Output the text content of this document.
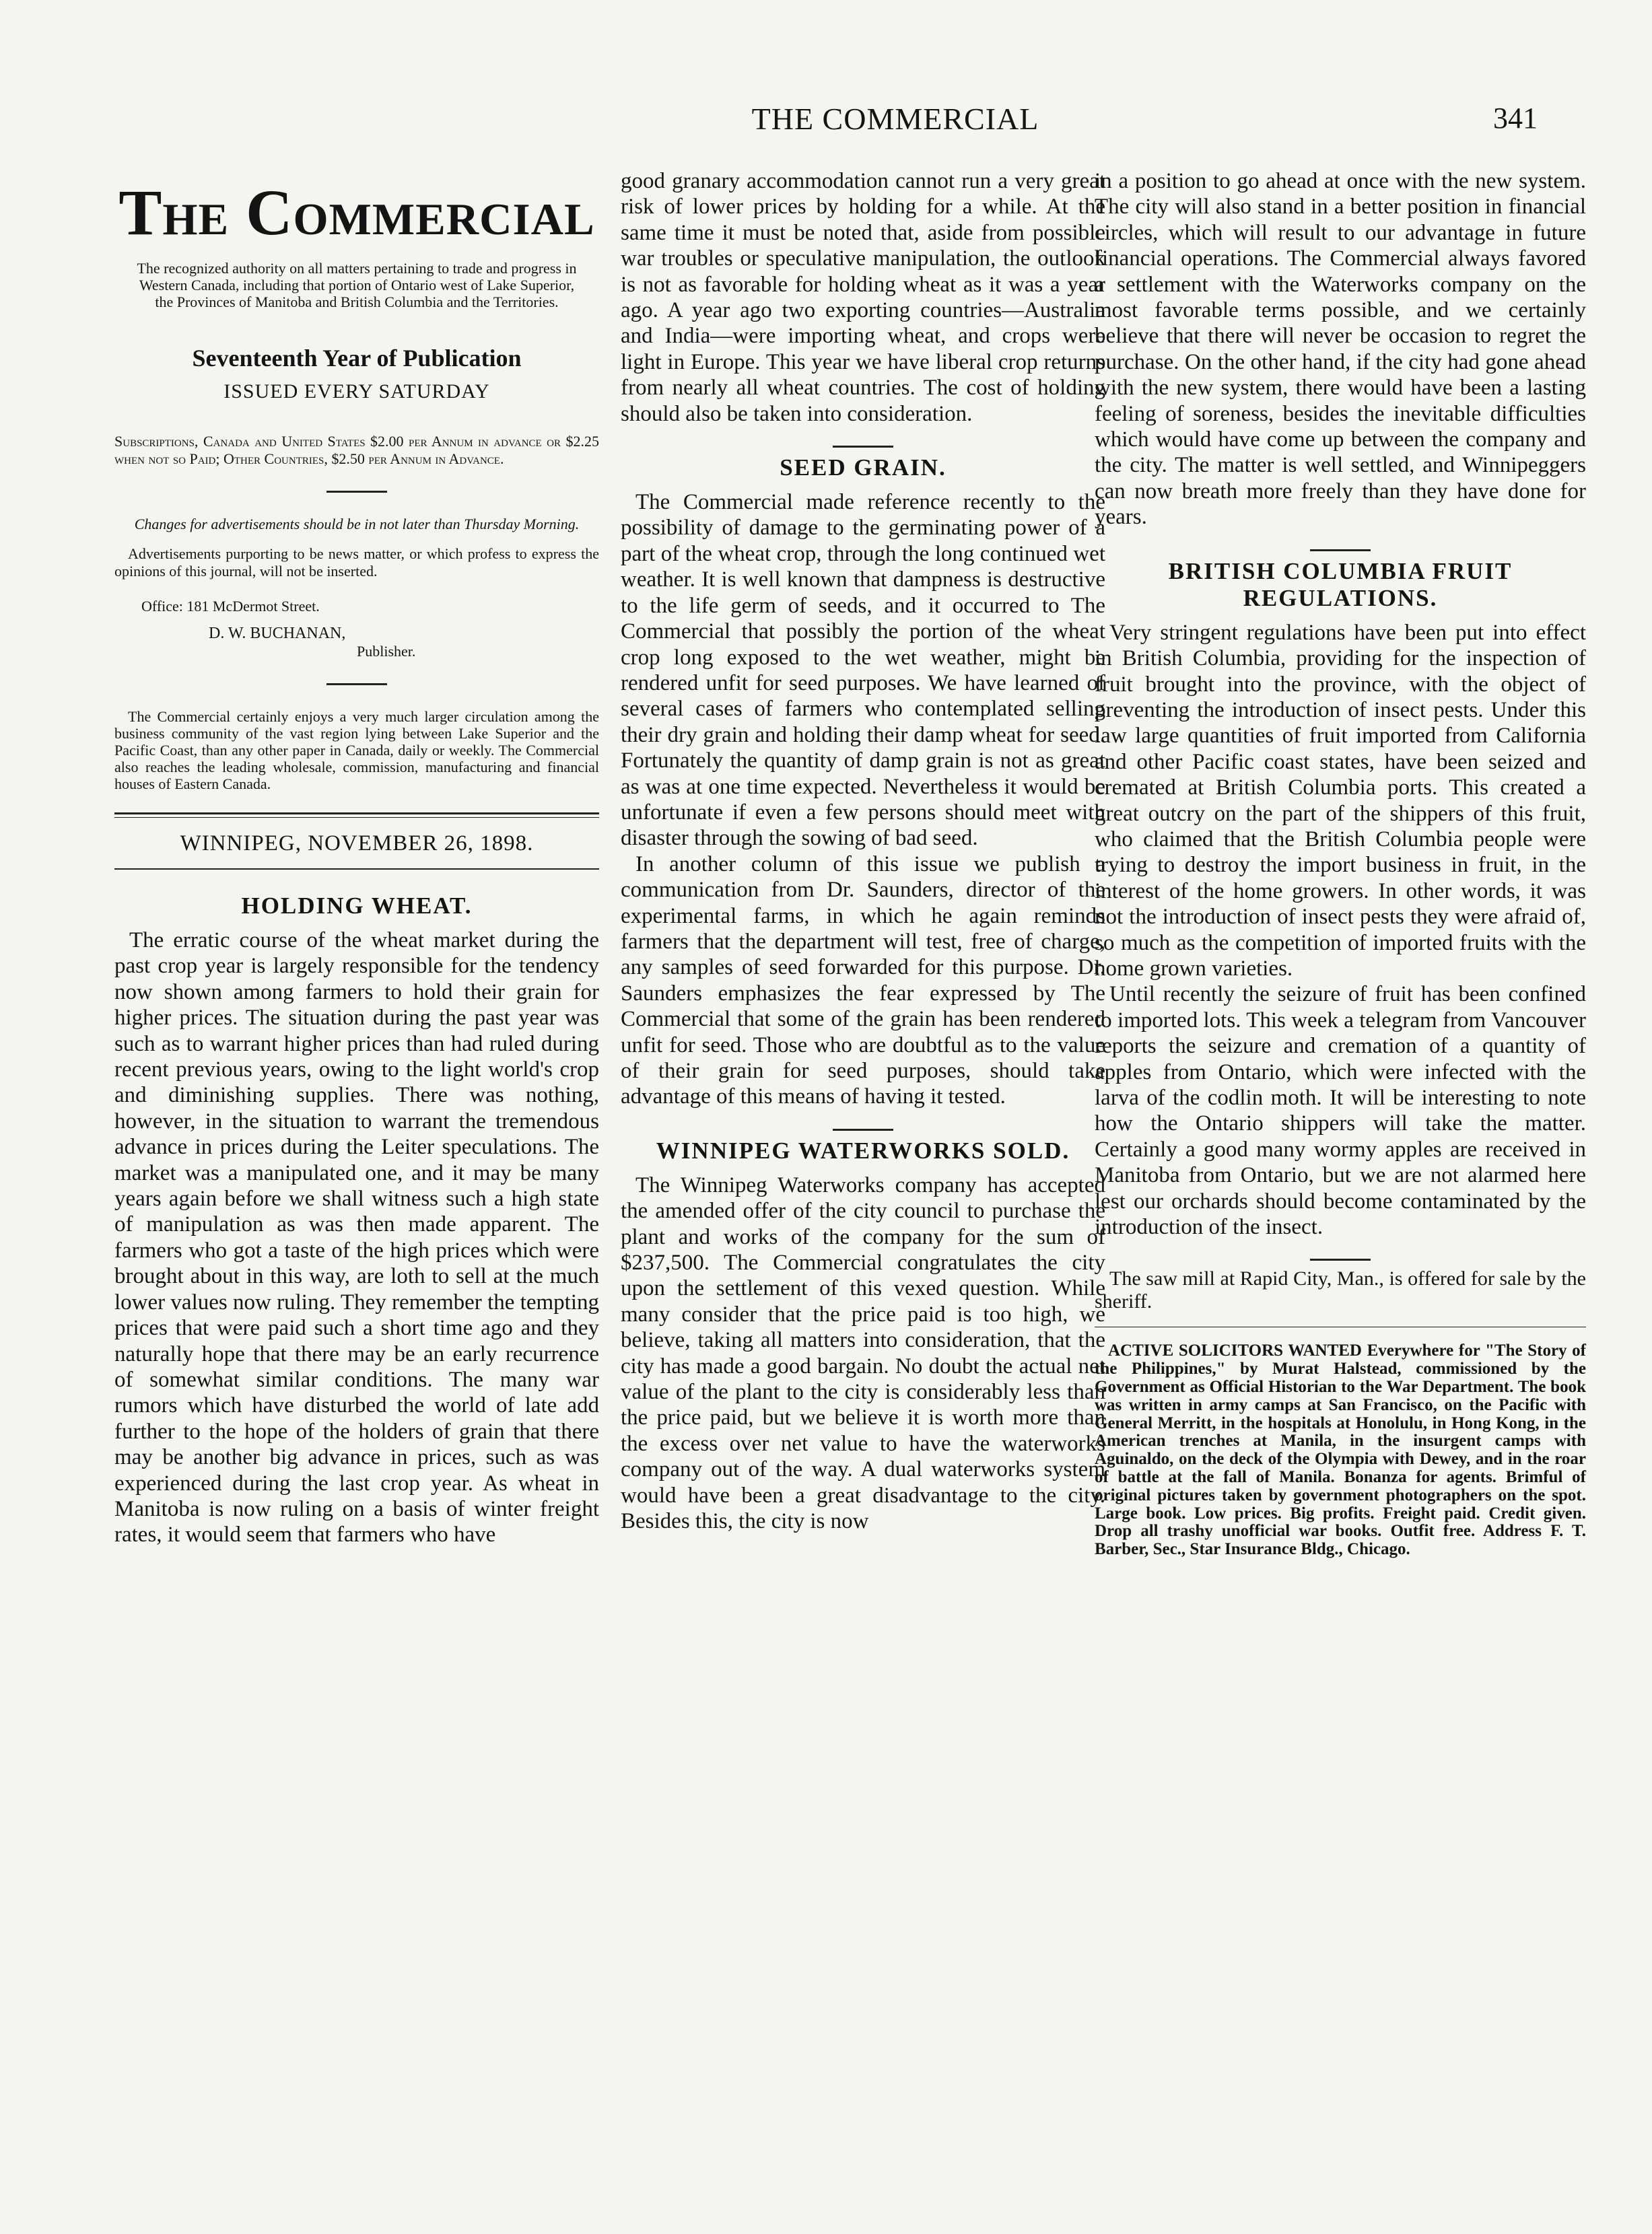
THE COMMERCIAL	341
The Commercial
The recognized authority on all matters pertaining to trade and progress in Western Canada, including that portion of Ontario west of Lake Superior, the Provinces of Manitoba and British Columbia and the Territories.
Seventeenth Year of Publication
ISSUED EVERY SATURDAY
Subscriptions, Canada and United States $2.00 per Annum in advance or $2.25 when not so Paid; Other Countries, $2.50 per Annum in Advance.
Changes for advertisements should be in not later than Thursday Morning.
Advertisements purporting to be news matter, or which profess to express the opinions of this journal, will not be inserted.
Office: 181 McDermot Street.
D. W. BUCHANAN,
Publisher.
The Commercial certainly enjoys a very much larger circulation among the business community of the vast region lying between Lake Superior and the Pacific Coast, than any other paper in Canada, daily or weekly. The Commercial also reaches the leading wholesale, commission, manufacturing and financial houses of Eastern Canada.
WINNIPEG, NOVEMBER 26, 1898.
HOLDING WHEAT.

The erratic course of the wheat market during the past crop year is largely responsible for the tendency now shown among farmers to hold their grain for higher prices. The situation during the past year was such as to warrant higher prices than had ruled during recent previous years, owing to the light world's crop and diminishing supplies. There was nothing, however, in the situation to warrant the tremendous advance in prices during the Leiter speculations. The market was a manipulated one, and it may be many years again before we shall witness such a high state of manipulation as was then made apparent. The farmers who got a taste of the high prices which were brought about in this way, are loth to sell at the much lower values now ruling. They remember the tempting prices that were paid such a short time ago and they naturally hope that there may be an early recurrence of somewhat similar conditions. The many war rumors which have disturbed the world of late add further to the hope of the holders of grain that there may be another big advance in prices, such as was experienced during the last crop year. As wheat in Manitoba is now ruling on a basis of winter freight rates, it would seem that farmers who have

good granary accommodation cannot run a very great risk of lower prices by holding for a while. At the same time it must be noted that, aside from possible war troubles or speculative manipulation, the outlook is not as favorable for holding wheat as it was a year ago. A year ago two exporting countries—Australia and India—were importing wheat, and crops were light in Europe. This year we have liberal crop returns from nearly all wheat countries. The cost of holding should also be taken into consideration.

SEED GRAIN.

The Commercial made reference recently to the possibility of damage to the germinating power of a part of the wheat crop, through the long continued wet weather. It is well known that dampness is destructive to the life germ of seeds, and it occurred to The Commercial that possibly the portion of the wheat crop long exposed to the wet weather, might be rendered unfit for seed purposes. We have learned of several cases of farmers who contemplated selling their dry grain and holding their damp wheat for seed. Fortunately the quantity of damp grain is not as great as was at one time expected. Nevertheless it would be unfortunate if even a few persons should meet with disaster through the sowing of bad seed.

In another column of this issue we publish a communication from Dr. Saunders, director of the experimental farms, in which he again reminds farmers that the department will test, free of charge, any samples of seed forwarded for this purpose. Dr. Saunders emphasizes the fear expressed by The Commercial that some of the grain has been rendered unfit for seed. Those who are doubtful as to the value of their grain for seed purposes, should take advantage of this means of having it tested.

WINNIPEG WATERWORKS SOLD.

The Winnipeg Waterworks company has accepted the amended offer of the city council to purchase the plant and works of the company for the sum of $237,500. The Commercial congratulates the city upon the settlement of this vexed question. While many consider that the price paid is too high, we believe, taking all matters into consideration, that the city has made a good bargain. No doubt the actual net value of the plant to the city is considerably less than the price paid, but we believe it is worth more than the excess over net value to have the waterworks company out of the way. A dual waterworks system would have been a great disadvantage to the city. Besides this, the city is now

in a position to go ahead at once with the new system. The city will also stand in a better position in financial circles, which will result to our advantage in future financial operations. The Commercial always favored a settlement with the Waterworks company on the most favorable terms possible, and we certainly believe that there will never be occasion to regret the purchase. On the other hand, if the city had gone ahead with the new system, there would have been a lasting feeling of soreness, besides the inevitable difficulties which would have come up between the company and the city. The matter is well settled, and Winnipeggers can now breath more freely than they have done for years.

BRITISH COLUMBIA FRUIT REGULATIONS.

Very stringent regulations have been put into effect in British Columbia, providing for the inspection of fruit brought into the province, with the object of preventing the introduction of insect pests. Under this law large quantities of fruit imported from California and other Pacific coast states, have been seized and cremated at British Columbia ports. This created a great outcry on the part of the shippers of this fruit, who claimed that the British Columbia people were trying to destroy the import business in fruit, in the interest of the home growers. In other words, it was not the introduction of insect pests they were afraid of, so much as the competition of imported fruits with the home grown varieties.

Until recently the seizure of fruit has been confined to imported lots. This week a telegram from Vancouver reports the seizure and cremation of a quantity of apples from Ontario, which were infected with the larva of the codlin moth. It will be interesting to note how the Ontario shippers will take the matter. Certainly a good many wormy apples are received in Manitoba from Ontario, but we are not alarmed here lest our orchards should become contaminated by the introduction of the insect.

The saw mill at Rapid City, Man., is offered for sale by the sheriff.
ACTIVE SOLICITORS WANTED Everywhere for "The Story of the Philippines," by Murat Halstead, commissioned by the Government as Official Historian to the War Department. The book was written in army camps at San Francisco, on the Pacific with General Merritt, in the hospitals at Honolulu, in Hong Kong, in the American trenches at Manila, in the insurgent camps with Aguinaldo, on the deck of the Olympia with Dewey, and in the roar of battle at the fall of Manila. Bonanza for agents. Brimful of original pictures taken by government photographers on the spot. Large book. Low prices. Big profits. Freight paid. Credit given. Drop all trashy unofficial war books. Outfit free. Address F. T. Barber, Sec., Star Insurance Bldg., Chicago.
